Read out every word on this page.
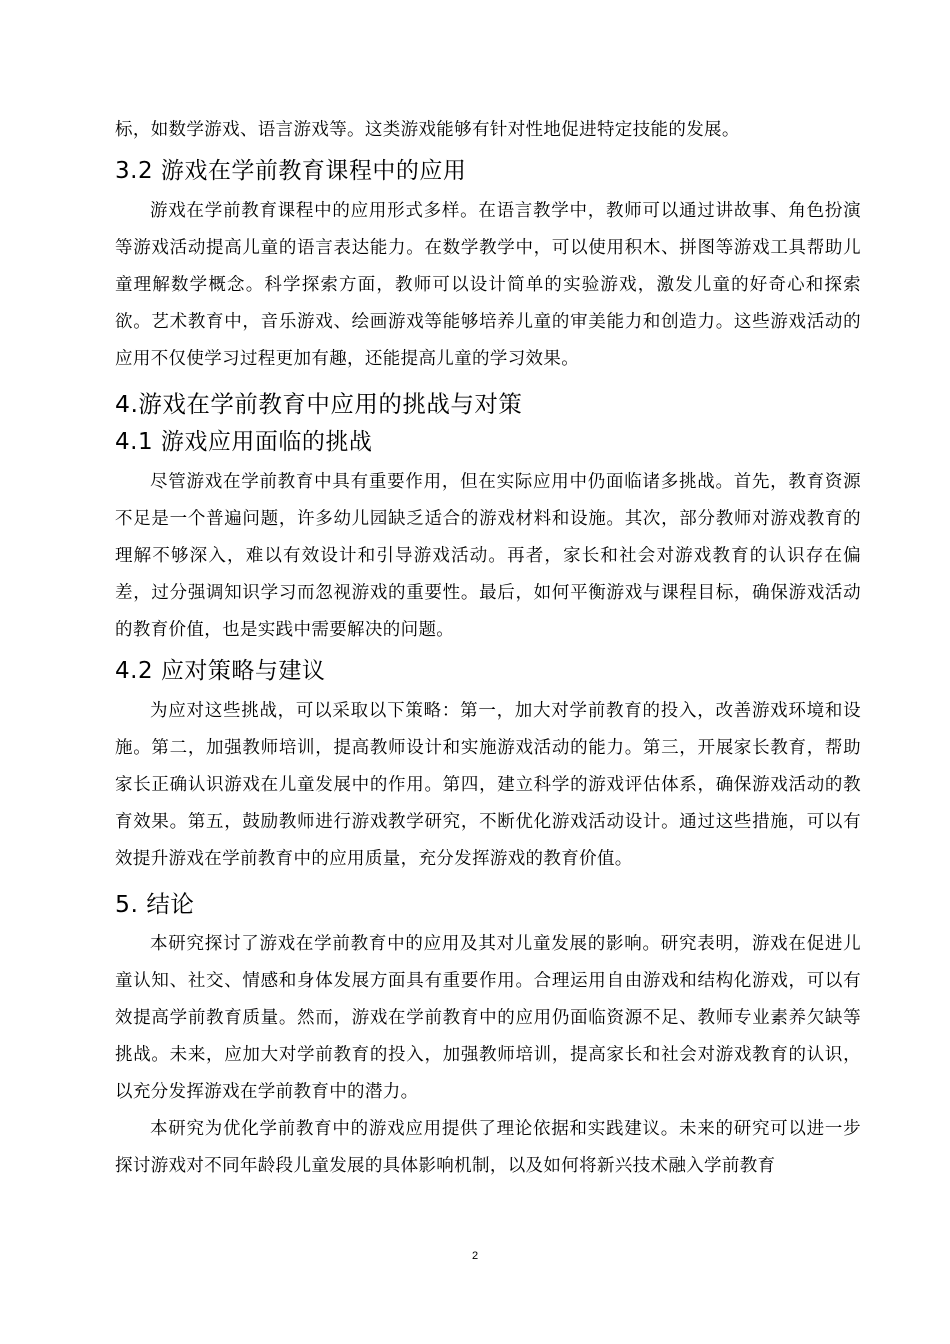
标，如数学游戏、语言游戏等。这类游戏能够有针对性地促进特定技能的发展。

3.2 游戏在学前教育课程中的应用

游戏在学前教育课程中的应用形式多样。在语言教学中，教师可以通过讲故事、角色扮演等游戏活动提高儿童的语言表达能力。在数学教学中，可以使用积木、拼图等游戏工具帮助儿童理解数学概念。科学探索方面，教师可以设计简单的实验游戏，激发儿童的好奇心和探索欲。艺术教育中，音乐游戏、绘画游戏等能够培养儿童的审美能力和创造力。这些游戏活动的应用不仅使学习过程更加有趣，还能提高儿童的学习效果。

4.游戏在学前教育中应用的挑战与对策
4.1 游戏应用面临的挑战

尽管游戏在学前教育中具有重要作用，但在实际应用中仍面临诸多挑战。首先，教育资源不足是一个普遍问题，许多幼儿园缺乏适合的游戏材料和设施。其次，部分教师对游戏教育的理解不够深入，难以有效设计和引导游戏活动。再者，家长和社会对游戏教育的认识存在偏差，过分强调知识学习而忽视游戏的重要性。最后，如何平衡游戏与课程目标，确保游戏活动的教育价值，也是实践中需要解决的问题。

4.2 应对策略与建议

为应对这些挑战，可以采取以下策略：第一，加大对学前教育的投入，改善游戏环境和设施。第二，加强教师培训，提高教师设计和实施游戏活动的能力。第三，开展家长教育，帮助家长正确认识游戏在儿童发展中的作用。第四，建立科学的游戏评估体系，确保游戏活动的教育效果。第五，鼓励教师进行游戏教学研究，不断优化游戏活动设计。通过这些措施，可以有效提升游戏在学前教育中的应用质量，充分发挥游戏的教育价值。

5. 结论

本研究探讨了游戏在学前教育中的应用及其对儿童发展的影响。研究表明，游戏在促进儿童认知、社交、情感和身体发展方面具有重要作用。合理运用自由游戏和结构化游戏，可以有效提高学前教育质量。然而，游戏在学前教育中的应用仍面临资源不足、教师专业素养欠缺等挑战。未来，应加大对学前教育的投入，加强教师培训，提高家长和社会对游戏教育的认识，以充分发挥游戏在学前教育中的潜力。

本研究为优化学前教育中的游戏应用提供了理论依据和实践建议。未来的研究可以进一步探讨游戏对不同年龄段儿童发展的具体影响机制，以及如何将新兴技术融入学前教育

2
